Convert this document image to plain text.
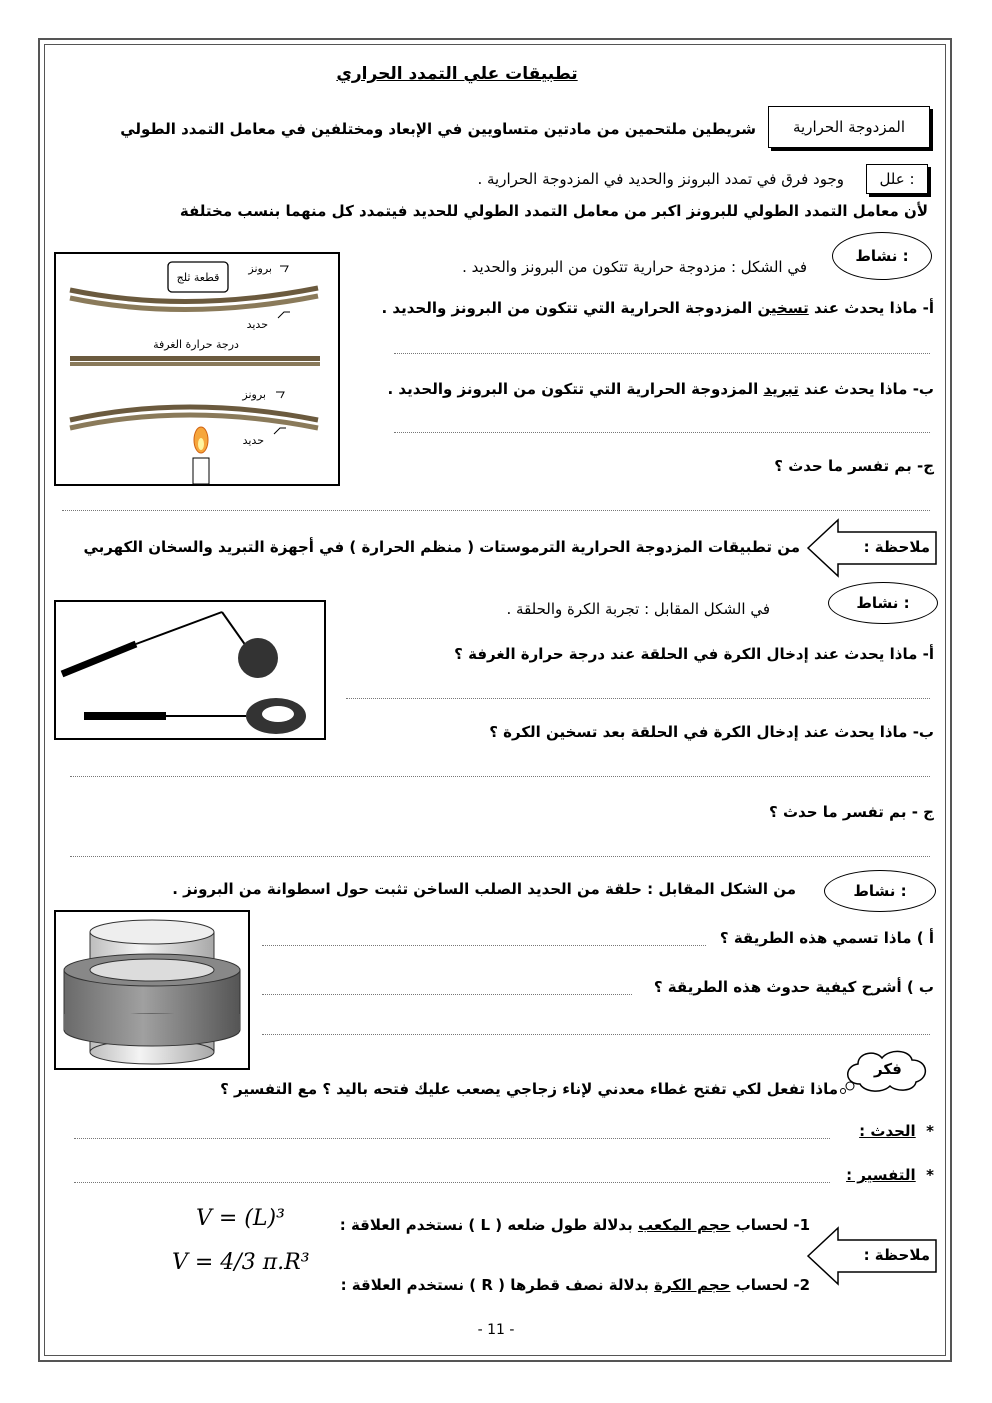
تطبيقات علي التمدد الحراري
المزدوجة الحرارية
شريطين ملتحمين من مادتين متساويين في الإبعاد ومختلفين في معامل التمدد الطولي
علل :
وجود فرق في تمدد البرونز والحديد في المزدوجة الحرارية .
لأن معامل التمدد الطولي للبرونز اكبر من معامل التمدد الطولي للحديد فيتمدد كل منهما بنسب مختلفة
نشاط :
في الشكل : مزدوجة حرارية تتكون من البرونز والحديد .
أ- ماذا يحدث عند تسخين المزدوجة الحرارية التي تتكون من البرونز والحديد .
ب- ماذا يحدث عند تبريد المزدوجة الحرارية التي تتكون من البرونز والحديد .
ج- بم تفسر ما حدث ؟
قطعة ثلج
برونز
حديد
درجة حرارة الغرفة
برونز
حديد
ملاحظة :
من تطبيقات المزدوجة الحرارية الترموستات ( منظم الحرارة ) في أجهزة التبريد والسخان الكهربي
نشاط :
في الشكل المقابل : تجربة الكرة والحلقة .
أ- ماذا يحدث عند إدخال الكرة في الحلقة عند درجة حرارة الغرفة ؟
ب- ماذا يحدث عند إدخال الكرة في الحلقة بعد تسخين الكرة ؟
ج - بم تفسر ما حدث ؟
نشاط :
من الشكل المقابل : حلقة من الحديد الصلب الساخن تثبت حول اسطوانة من البرونز .
أ ) ماذا تسمي هذه الطريقة ؟
ب ) أشرح كيفية حدوث هذه الطريقة ؟
فكر
ماذا تفعل لكي تفتح غطاء معدني لإناء زجاجي يصعب عليك فتحه باليد ؟ مع التفسير ؟
*  الحدث :
*  التفسير :
ملاحظة :
1- لحساب حجم المكعب بدلالة طول ضلعه ( L ) نستخدم العلاقة :
2- لحساب حجم الكرة بدلالة نصف قطرها ( R ) نستخدم العلاقة :
V = (L)³
V = 4/3 π.R³
- 11 -
